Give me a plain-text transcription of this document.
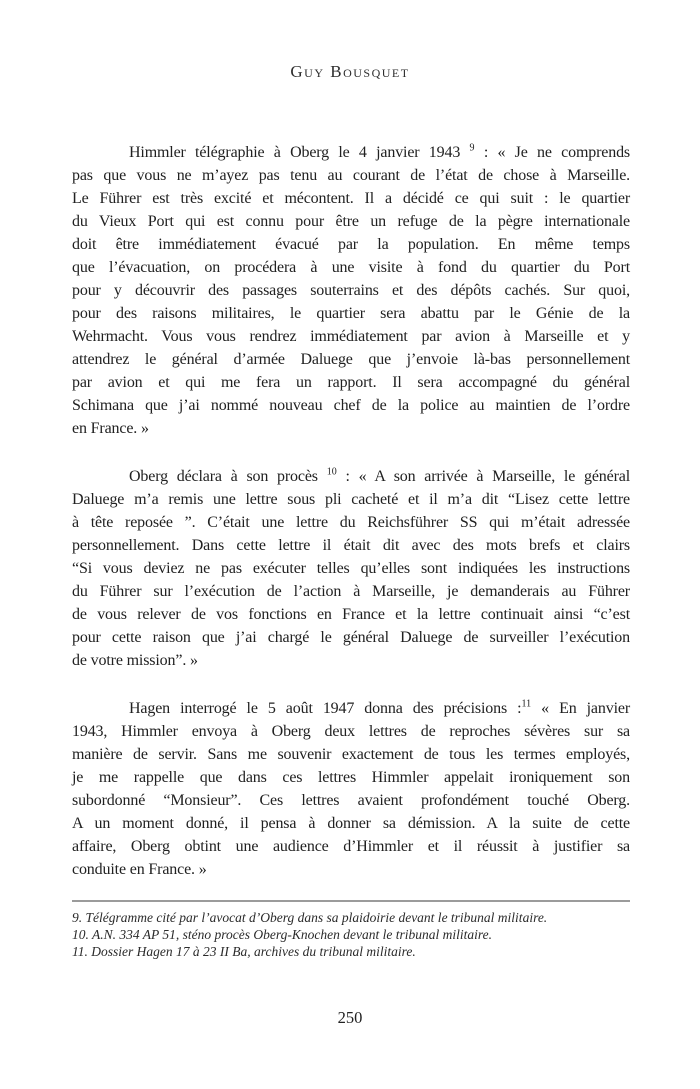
Guy Bousquet
Himmler télégraphie à Oberg le 4 janvier 1943 $^9$ : « Je ne comprends
pas que vous ne m’ayez pas tenu au courant de l’état de chose à Marseille.
Le Führer est très excité et mécontent. Il a décidé ce qui suit : le quartier
du Vieux Port qui est connu pour être un refuge de la pègre internationale
doit être immédiatement évacué par la population. En même temps
que l’évacuation, on procédera à une visite à fond du quartier du Port
pour y découvrir des passages souterrains et des dépôts cachés. Sur quoi,
pour des raisons militaires, le quartier sera abattu par le Génie de la
Wehrmacht. Vous vous rendrez immédiatement par avion à Marseille et y
attendrez le général d’armée Daluege que j’envoie là-bas personnellement
par avion et qui me fera un rapport. Il sera accompagné du général
Schimana que j’ai nommé nouveau chef de la police au maintien de l’ordre
en France. »
Oberg déclara à son procès $^{10}$ : « A son arrivée à Marseille, le général
Daluege m’a remis une lettre sous pli cacheté et il m’a dit “Lisez cette lettre
à tête reposée ”. C’était une lettre du Reichsführer SS qui m’était adressée
personnellement. Dans cette lettre il était dit avec des mots brefs et clairs
“Si vous deviez ne pas exécuter telles qu’elles sont indiquées les instructions
du Führer sur l’exécution de l’action à Marseille, je demanderais au Führer
de vous relever de vos fonctions en France et la lettre continuait ainsi “c’est
pour cette raison que j’ai chargé le général Daluege de surveiller l’exécution
de votre mission”. »
Hagen interrogé le 5 août 1947 donna des précisions :$^{11}$ « En janvier
1943, Himmler envoya à Oberg deux lettres de reproches sévères sur sa
manière de servir. Sans me souvenir exactement de tous les termes employés,
je me rappelle que dans ces lettres Himmler appelait ironiquement son
subordonné “Monsieur”. Ces lettres avaient profondément touché Oberg.
A un moment donné, il pensa à donner sa démission. A la suite de cette
affaire, Oberg obtint une audience d’Himmler et il réussit à justifier sa
conduite en France. »
9. Télégramme cité par l’avocat d’Oberg dans sa plaidoirie devant le tribunal militaire.
10. A.N. 334 AP 51, sténo procès Oberg-Knochen devant le tribunal militaire.
11. Dossier Hagen 17 à 23 II Ba, archives du tribunal militaire.
250
